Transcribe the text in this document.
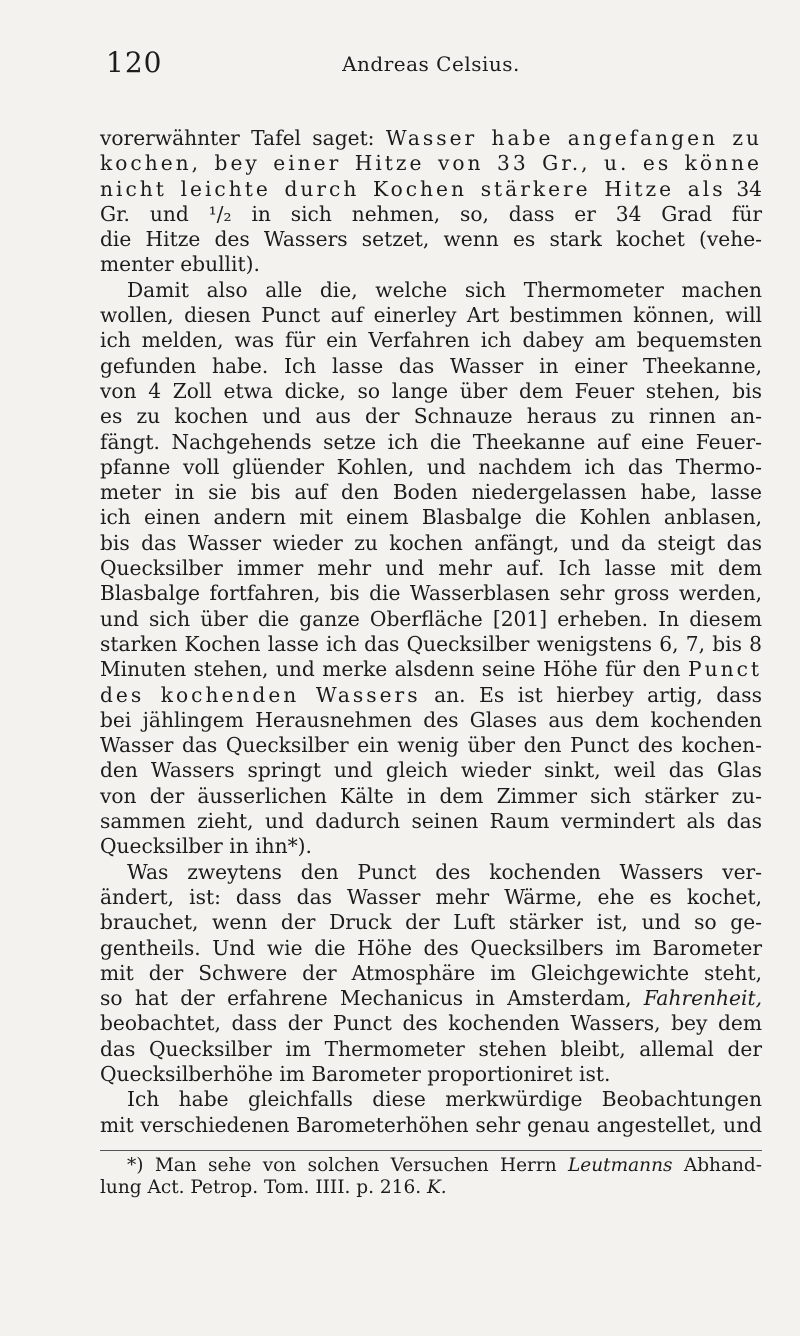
120	Andreas Celsius.
vorerwähnter Tafel saget: Wasser habe angefangen zu
kochen, bey einer Hitze von 33 Gr., u. es könne
nicht leichte durch Kochen stärkere Hitze als 34
Gr. und ¹/₂ in sich nehmen, so, dass er 34 Grad für
die Hitze des Wassers setzet, wenn es stark kochet (vehe-
menter ebullit).
Damit also alle die, welche sich Thermometer machen
wollen, diesen Punct auf einerley Art bestimmen können, will
ich melden, was für ein Verfahren ich dabey am bequemsten
gefunden habe. Ich lasse das Wasser in einer Theekanne,
von 4 Zoll etwa dicke, so lange über dem Feuer stehen, bis
es zu kochen und aus der Schnauze heraus zu rinnen an-
fängt. Nachgehends setze ich die Theekanne auf eine Feuer-
pfanne voll glüender Kohlen, und nachdem ich das Thermo-
meter in sie bis auf den Boden niedergelassen habe, lasse
ich einen andern mit einem Blasbalge die Kohlen anblasen,
bis das Wasser wieder zu kochen anfängt, und da steigt das
Quecksilber immer mehr und mehr auf. Ich lasse mit dem
Blasbalge fortfahren, bis die Wasserblasen sehr gross werden,
und sich über die ganze Oberfläche [201] erheben. In diesem
starken Kochen lasse ich das Quecksilber wenigstens 6, 7, bis 8
Minuten stehen, und merke alsdenn seine Höhe für den Punct
des kochenden Wassers an. Es ist hierbey artig, dass
bei jählingem Herausnehmen des Glases aus dem kochenden
Wasser das Quecksilber ein wenig über den Punct des kochen-
den Wassers springt und gleich wieder sinkt, weil das Glas
von der äusserlichen Kälte in dem Zimmer sich stärker zu-
sammen zieht, und dadurch seinen Raum vermindert als das
Quecksilber in ihn*).
Was zweytens den Punct des kochenden Wassers ver-
ändert, ist: dass das Wasser mehr Wärme, ehe es kochet,
brauchet, wenn der Druck der Luft stärker ist, und so ge-
gentheils. Und wie die Höhe des Quecksilbers im Barometer
mit der Schwere der Atmosphäre im Gleichgewichte steht,
so hat der erfahrene Mechanicus in Amsterdam, Fahrenheit,
beobachtet, dass der Punct des kochenden Wassers, bey dem
das Quecksilber im Thermometer stehen bleibt, allemal der
Quecksilberhöhe im Barometer proportioniret ist.
Ich habe gleichfalls diese merkwürdige Beobachtungen
mit verschiedenen Barometerhöhen sehr genau angestellet, und
*) Man sehe von solchen Versuchen Herrn Leutmanns Abhand-
lung Act. Petrop. Tom. IIII. p. 216. K.
